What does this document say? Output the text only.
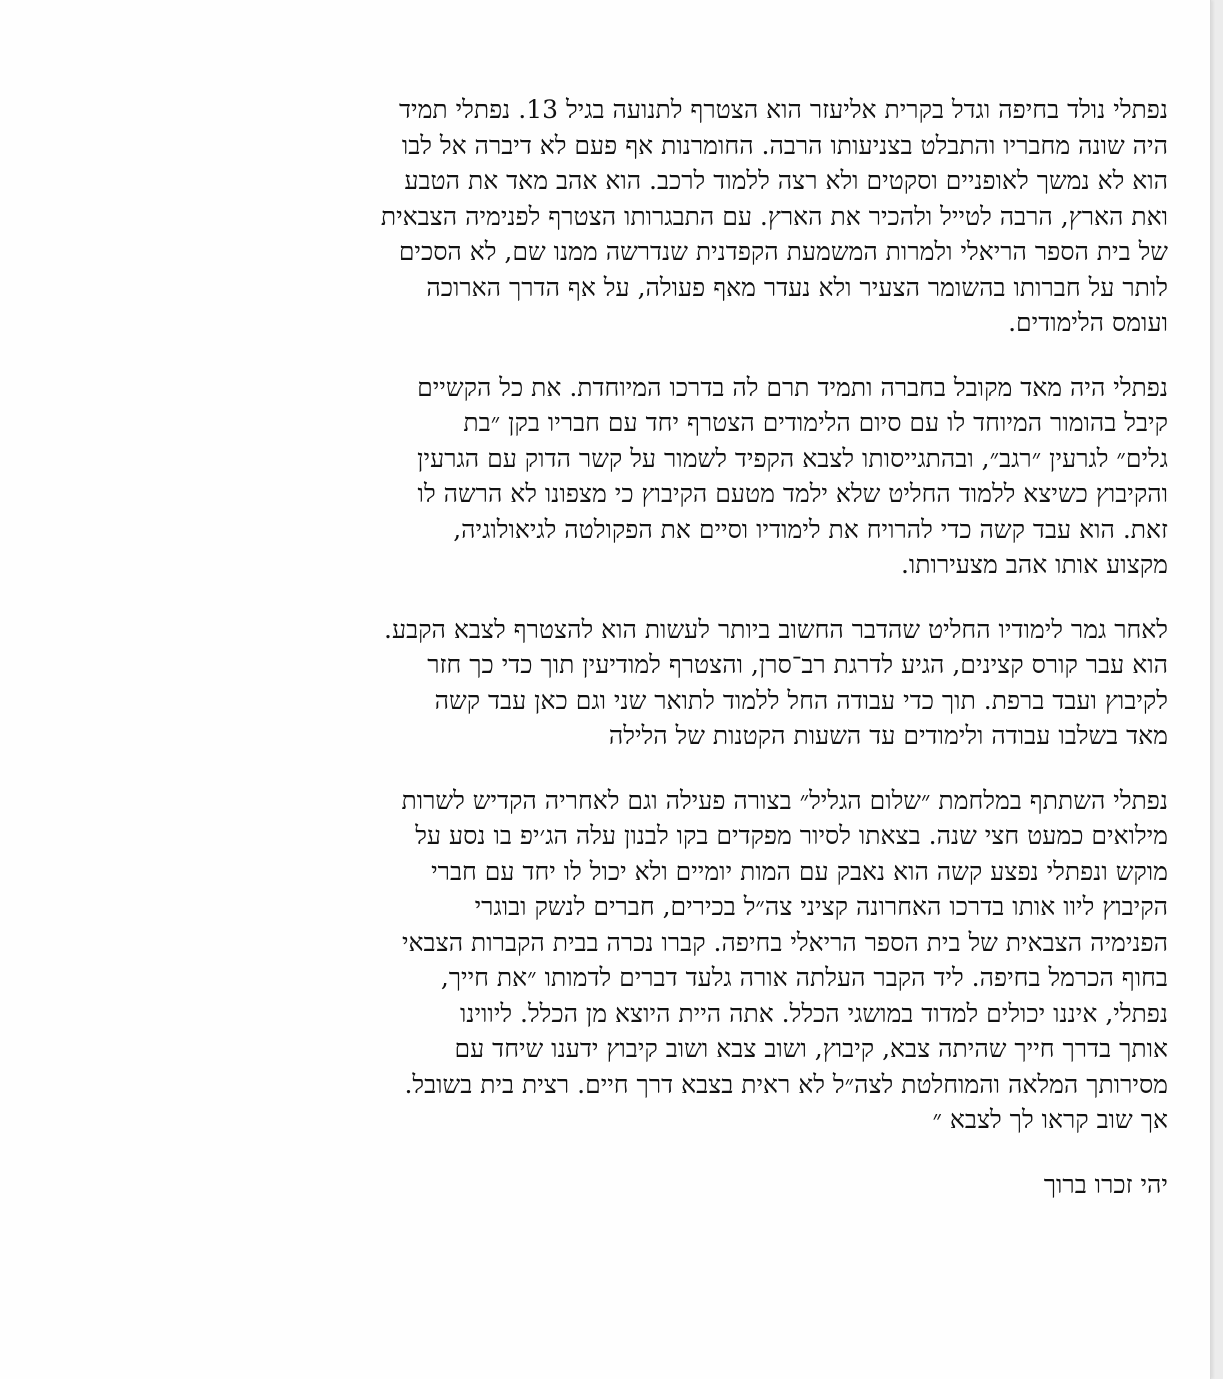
נפתלי נולד בחיפה וגדל בקרית אליעזר הוא הצטרף לתנועה בגיל 13. נפתלי תמיד
היה שונה מחבריו והתבלט בצניעותו הרבה. החומרנות אף פעם לא דיברה אל לבו
הוא לא נמשך לאופניים וסקטים ולא רצה ללמוד לרכב. הוא אהב מאד את הטבע
ואת הארץ, הרבה לטייל ולהכיר את הארץ. עם התבגרותו הצטרף לפנימיה הצבאית
של בית הספר הריאלי ולמרות המשמעת הקפדנית שנדרשה ממנו שם, לא הסכים
לותר על חברותו בהשומר הצעיר ולא נעדר מאף פעולה, על אף הדרך הארוכה
ועומס הלימודים.
נפתלי היה מאד מקובל בחברה ותמיד תרם לה בדרכו המיוחדת. את כל הקשיים
קיבל בהומור המיוחד לו עם סיום הלימודים הצטרף יחד עם חבריו בקן ״בת
גלים״ לגרעין ״רגב״, ובהתגייסותו לצבא הקפיד לשמור על קשר הדוק עם הגרעין
והקיבוץ כשיצא ללמוד החליט שלא ילמד מטעם הקיבוץ כי מצפונו לא הרשה לו
זאת. הוא עבד קשה כדי להרויח את לימודיו וסיים את הפקולטה לגיאולוגיה,
מקצוע אותו אהב מצעירותו.
לאחר גמר לימודיו החליט שהדבר החשוב ביותר לעשות הוא להצטרף לצבא הקבע.
הוא עבר קורס קצינים, הגיע לדרגת רב־סרן, והצטרף למודיעין תוך כדי כך חזר
לקיבוץ ועבד ברפת. תוך כדי עבודה החל ללמוד לתואר שני וגם כאן עבד קשה
מאד בשלבו עבודה ולימודים עד השעות הקטנות של הלילה
נפתלי השתתף במלחמת ״שלום הגליל״ בצורה פעילה וגם לאחריה הקדיש לשרות
מילואים כמעט חצי שנה. בצאתו לסיור מפקדים בקו לבנון עלה הג׳יפ בו נסע על
מוקש ונפתלי נפצע קשה הוא נאבק עם המות יומיים ולא יכול לו יחד עם חברי
הקיבוץ ליוו אותו בדרכו האחרונה קציני צה״ל בכירים, חברים לנשק ובוגרי
הפנימיה הצבאית של בית הספר הריאלי בחיפה. קברו נכרה בבית הקברות הצבאי
בחוף הכרמל בחיפה. ליד הקבר העלתה אורה גלעד דברים לדמותו ״את חייך,
נפתלי, איננו יכולים למדוד במושגי הכלל. אתה היית היוצא מן הכלל. ליווינו
אותך בדרך חייך שהיתה צבא, קיבוץ, ושוב צבא ושוב קיבוץ ידענו שיחד עם
מסירותך המלאה והמוחלטת לצה״ל לא ראית בצבא דרך חיים. רצית בית בשובל.
אך שוב קראו לך לצבא ״
יהי זכרו ברוך
